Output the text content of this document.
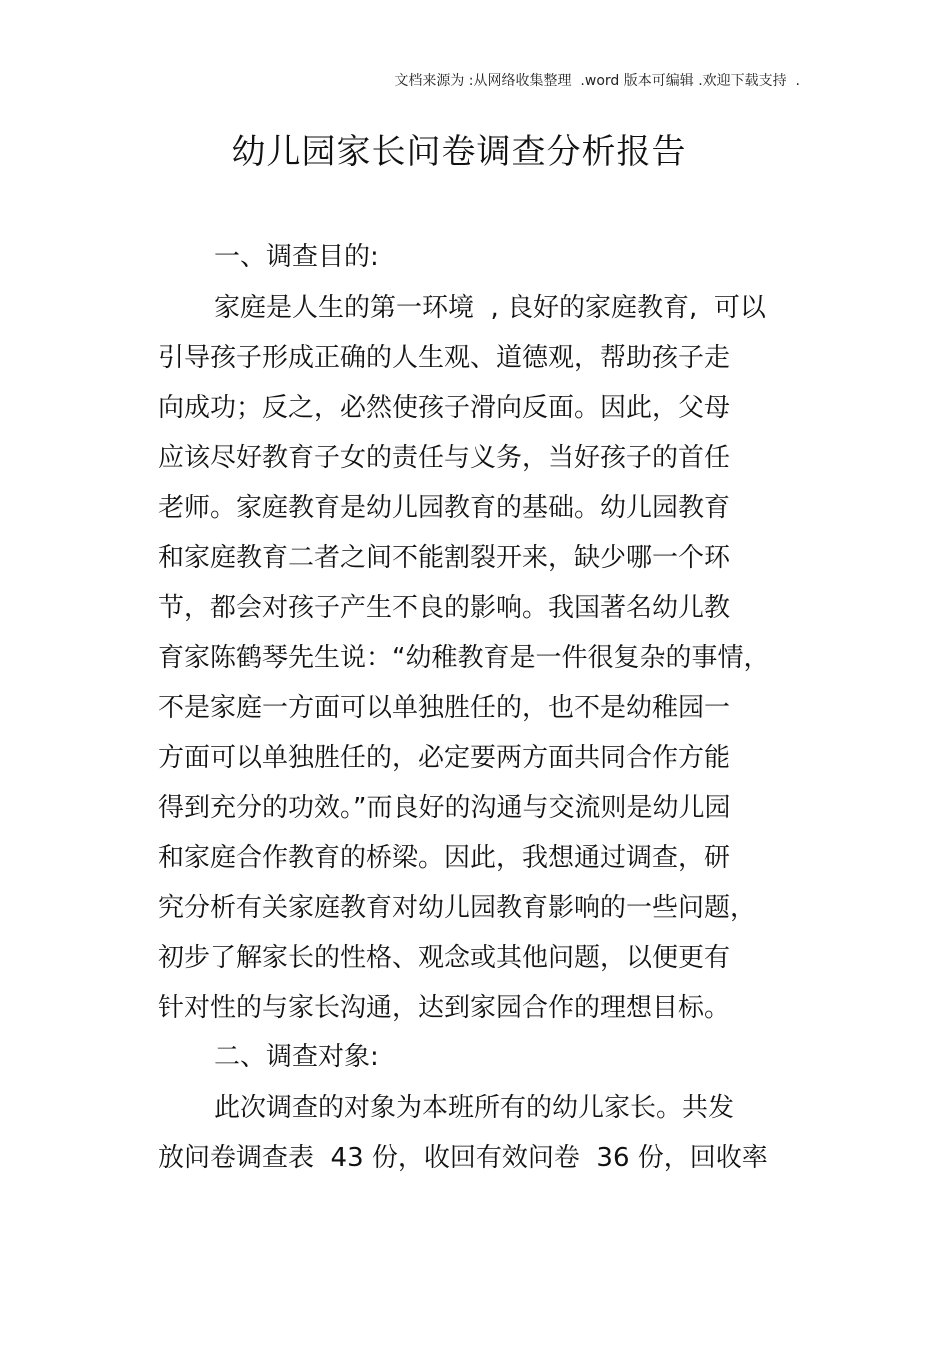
文档来源为 :从网络收集整理  .word 版本可编辑 .欢迎下载支持  .
幼儿园家长问卷调查分析报告
一、调查目的:
家庭是人生的第一环境  , 良好的家庭教育,  可以
引导孩子形成正确的人生观、道德观，帮助孩子走
向成功；反之，必然使孩子滑向反面。因此，父母
应该尽好教育子女的责任与义务，当好孩子的首任
老师。家庭教育是幼儿园教育的基础。幼儿园教育
和家庭教育二者之间不能割裂开来，缺少哪一个环
节，都会对孩子产生不良的影响。我国著名幼儿教
育家陈鹤琴先生说：“幼稚教育是一件很复杂的事情，
不是家庭一方面可以单独胜任的，也不是幼稚园一
方面可以单独胜任的，必定要两方面共同合作方能
得到充分的功效。”而良好的沟通与交流则是幼儿园
和家庭合作教育的桥梁。因此，我想通过调查，研
究分析有关家庭教育对幼儿园教育影响的一些问题，
初步了解家长的性格、观念或其他问题，以便更有
针对性的与家长沟通，达到家园合作的理想目标。
二、调查对象:
此次调查的对象为本班所有的幼儿家长。共发
放问卷调查表  43 份，收回有效问卷  36 份，回收率
